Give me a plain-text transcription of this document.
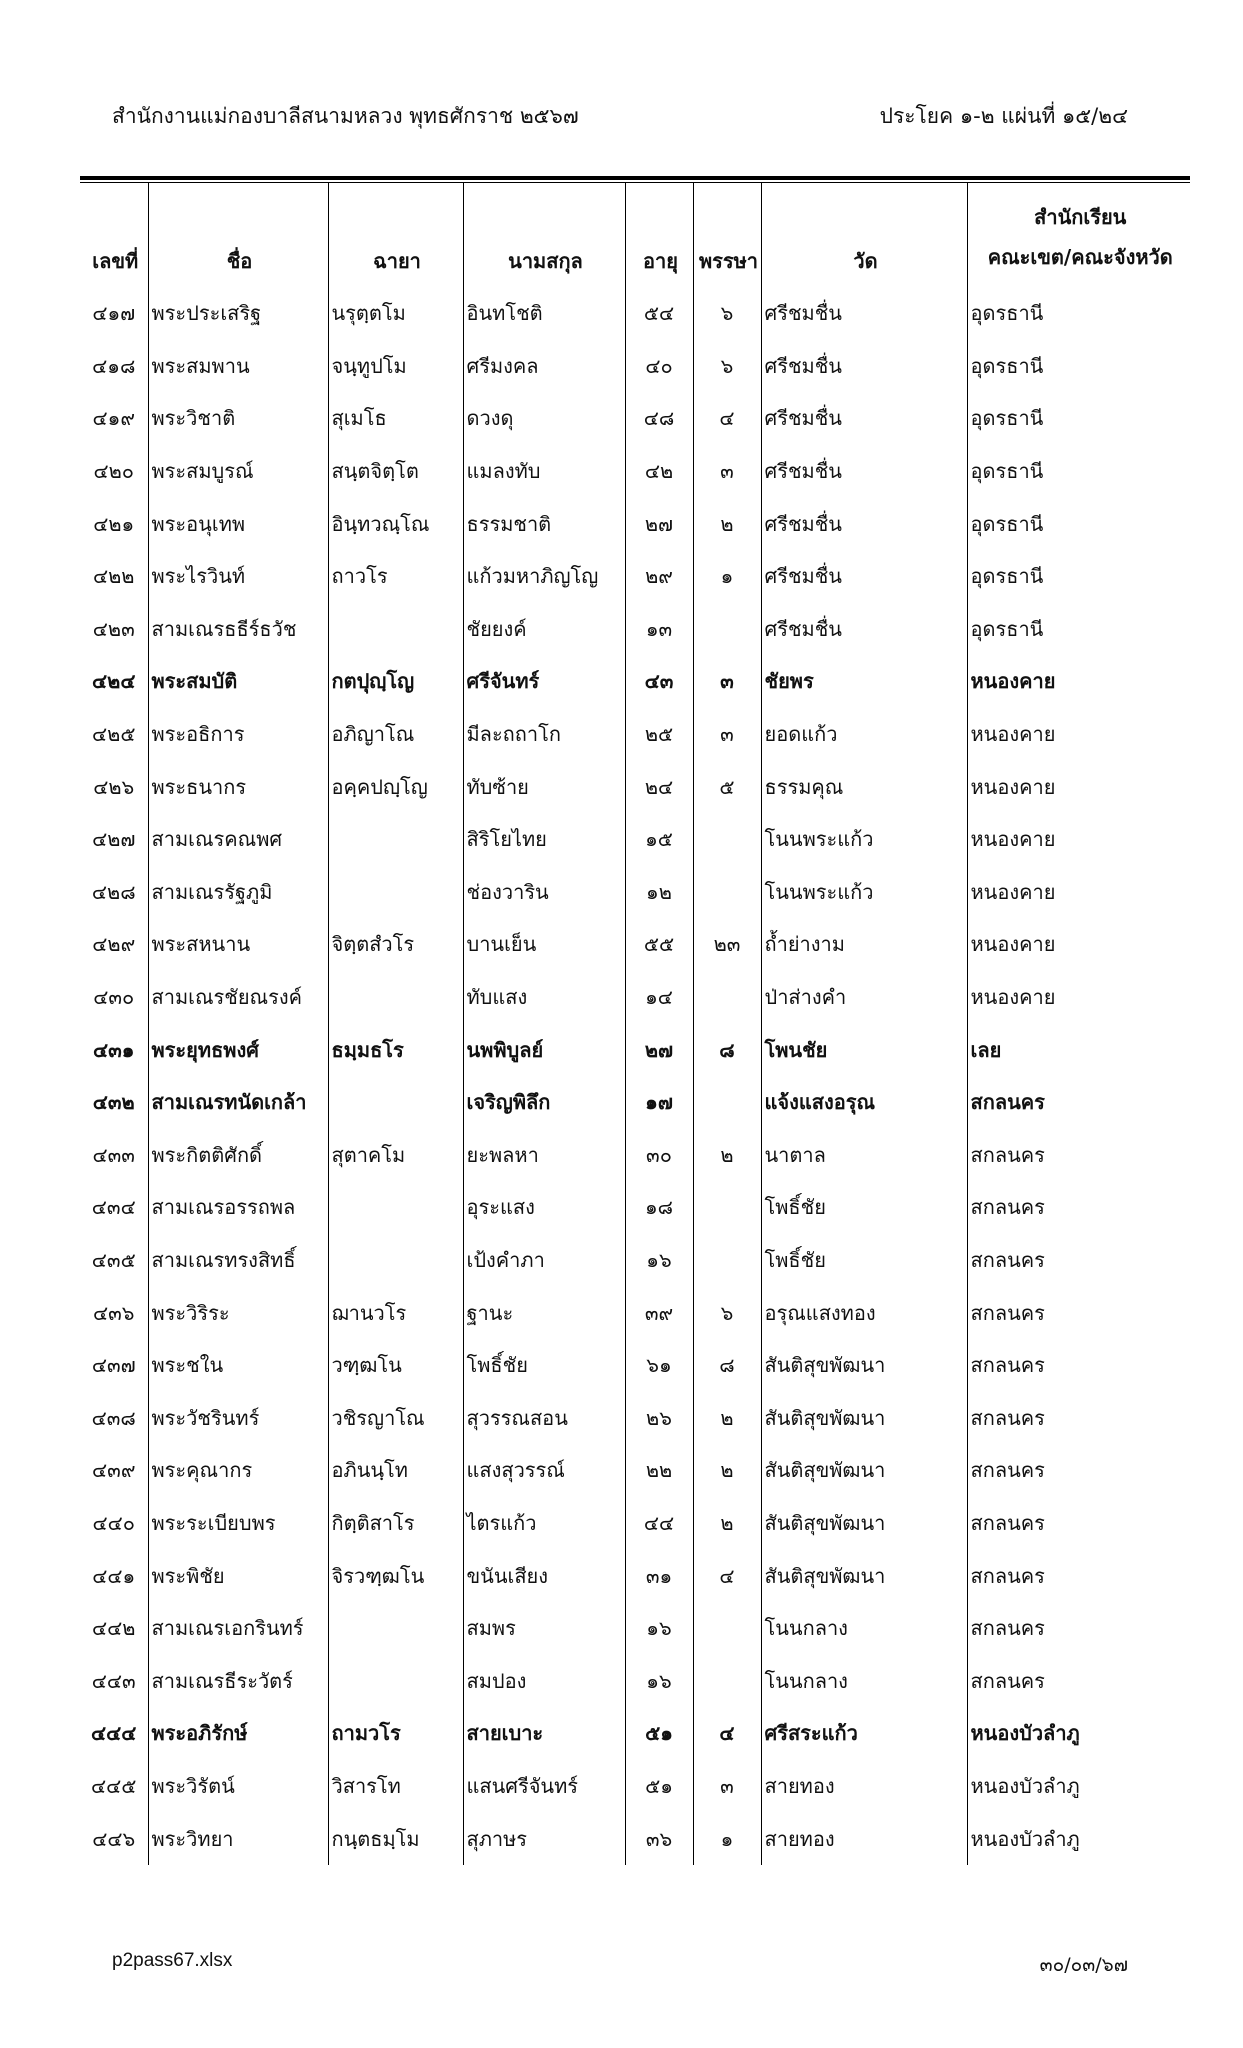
สำนักงานแม่กองบาลีสนามหลวง พุทธศักราช ๒๕๖๗	ประโยค ๑-๒ แผ่นที่ ๑๕/๒๔
เลขที่	ชื่อ	ฉายา	นามสกุล	อายุ	พรรษา	วัด	สำนักเรียน
คณะเขต/คณะจังหวัด

๔๑๗	พระประเสริฐ	นรุตฺตโม	อินทโชติ	๕๔	๖	ศรีชมชื่น	อุดรธานี
๔๑๘	พระสมพาน	จนฺทูปโม	ศรีมงคล	๔๐	๖	ศรีชมชื่น	อุดรธานี
๔๑๙	พระวิชาติ	สุเมโธ	ดวงดุ	๔๘	๔	ศรีชมชื่น	อุดรธานี
๔๒๐	พระสมบูรณ์	สนฺตจิตฺโต	แมลงทับ	๔๒	๓	ศรีชมชื่น	อุดรธานี
๔๒๑	พระอนุเทพ	อินฺทวณฺโณ	ธรรมชาติ	๒๗	๒	ศรีชมชื่น	อุดรธานี
๔๒๒	พระไรวินท์	ถาวโร	แก้วมหาภิญโญ	๒๙	๑	ศรีชมชื่น	อุดรธานี
๔๒๓	สามเณรธธีร์ธวัช		ชัยยงค์	๑๓		ศรีชมชื่น	อุดรธานี
๔๒๔	พระสมบัติ	กตปุญฺโญ	ศรีจันทร์	๔๓	๓	ชัยพร	หนองคาย
๔๒๕	พระอธิการ	อภิญาโณ	มีละถถาโก	๒๕	๓	ยอดแก้ว	หนองคาย
๔๒๖	พระธนากร	อคฺคปญฺโญ	ทับซ้าย	๒๔	๕	ธรรมคุณ	หนองคาย
๔๒๗	สามเณรคณพศ		สิริโยไทย	๑๕		โนนพระแก้ว	หนองคาย
๔๒๘	สามเณรรัฐภูมิ		ช่องวาริน	๑๒		โนนพระแก้ว	หนองคาย
๔๒๙	พระสหนาน	จิตฺตสํวโร	บานเย็น	๕๕	๒๓	ถ้ำย่างาม	หนองคาย
๔๓๐	สามเณรชัยณรงค์		ทับแสง	๑๔		ป่าส่างคำ	หนองคาย
๔๓๑	พระยุทธพงศ์	ธมฺมธโร	นพพิบูลย์	๒๗	๘	โพนชัย	เลย
๔๓๒	สามเณรทนัดเกล้า		เจริญพิลึก	๑๗		แจ้งแสงอรุณ	สกลนคร
๔๓๓	พระกิตติศักดิ์	สุตาคโม	ยะพลหา	๓๐	๒	นาตาล	สกลนคร
๔๓๔	สามเณรอรรถพล		อุระแสง	๑๘		โพธิ์ชัย	สกลนคร
๔๓๕	สามเณรทรงสิทธิ์		เป้งคำภา	๑๖		โพธิ์ชัย	สกลนคร
๔๓๖	พระวิริระ	ฌานวโร	ฐานะ	๓๙	๖	อรุณแสงทอง	สกลนคร
๔๓๗	พระชใน	วฑฺฒโน	โพธิ์ชัย	๖๑	๘	สันติสุขพัฒนา	สกลนคร
๔๓๘	พระวัชรินทร์	วชิรญาโณ	สุวรรณสอน	๒๖	๒	สันติสุขพัฒนา	สกลนคร
๔๓๙	พระคุณากร	อภินนฺโท	แสงสุวรรณ์	๒๒	๒	สันติสุขพัฒนา	สกลนคร
๔๔๐	พระระเบียบพร	กิตฺติสาโร	ไตรแก้ว	๔๔	๒	สันติสุขพัฒนา	สกลนคร
๔๔๑	พระพิชัย	จิรวฑฺฒโน	ขนันเสียง	๓๑	๔	สันติสุขพัฒนา	สกลนคร
๔๔๒	สามเณรเอกรินทร์		สมพร	๑๖		โนนกลาง	สกลนคร
๔๔๓	สามเณรธีระวัตร์		สมปอง	๑๖		โนนกลาง	สกลนคร
๔๔๔	พระอภิรักษ์	ถามวโร	สายเบาะ	๕๑	๔	ศรีสระแก้ว	หนองบัวลำภู
๔๔๕	พระวิรัตน์	วิสารโท	แสนศรีจันทร์	๕๑	๓	สายทอง	หนองบัวลำภู
๔๔๖	พระวิทยา	กนฺตธมฺโม	สุภาษร	๓๖	๑	สายทอง	หนองบัวลำภู
p2pass67.xlsx	๓๐/๐๓/๖๗
